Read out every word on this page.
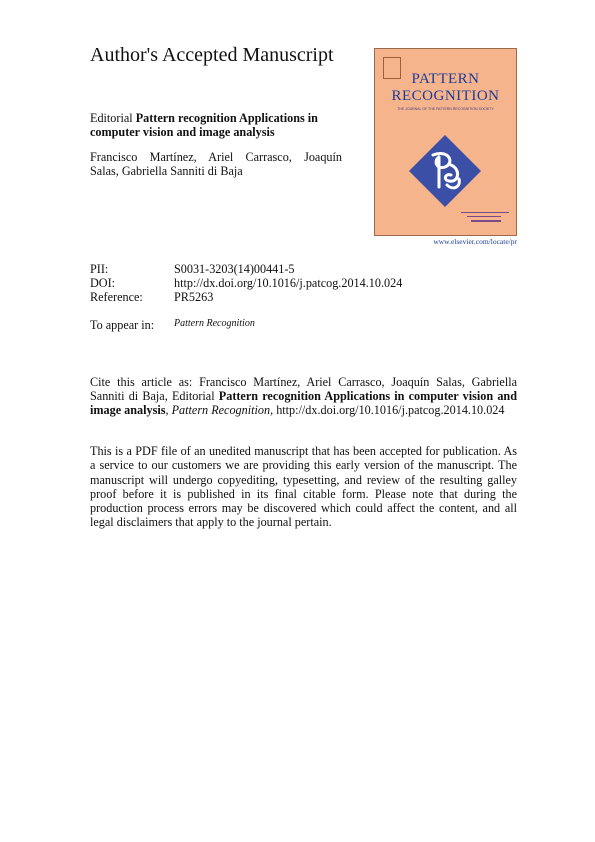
Author's Accepted Manuscript
Editorial Pattern recognition Applications in
computer vision and image analysis
Francisco Martínez, Ariel Carrasco, Joaquín
Salas, Gabriella Sanniti di Baja
PATTERN
RECOGNITION
THE JOURNAL OF THE PATTERN RECOGNITION SOCIETY
www.elsevier.com/locate/pr
PII:	S0031-3203(14)00441-5
DOI:	http://dx.doi.org/10.1016/j.patcog.2014.10.024
Reference:	PR5263
To appear in: Pattern Recognition
Cite this article as: Francisco Martínez, Ariel Carrasco, Joaquín Salas, Gabriella Sanniti di Baja, Editorial Pattern recognition Applications in computer vision and image analysis, Pattern Recognition, http://dx.doi.org/10.1016/j.patcog.2014.10.024
This is a PDF file of an unedited manuscript that has been accepted for publication. As a service to our customers we are providing this early version of the manuscript. The manuscript will undergo copyediting, typesetting, and review of the resulting galley proof before it is published in its final citable form. Please note that during the production process errors may be discovered which could affect the content, and all legal disclaimers that apply to the journal pertain.
